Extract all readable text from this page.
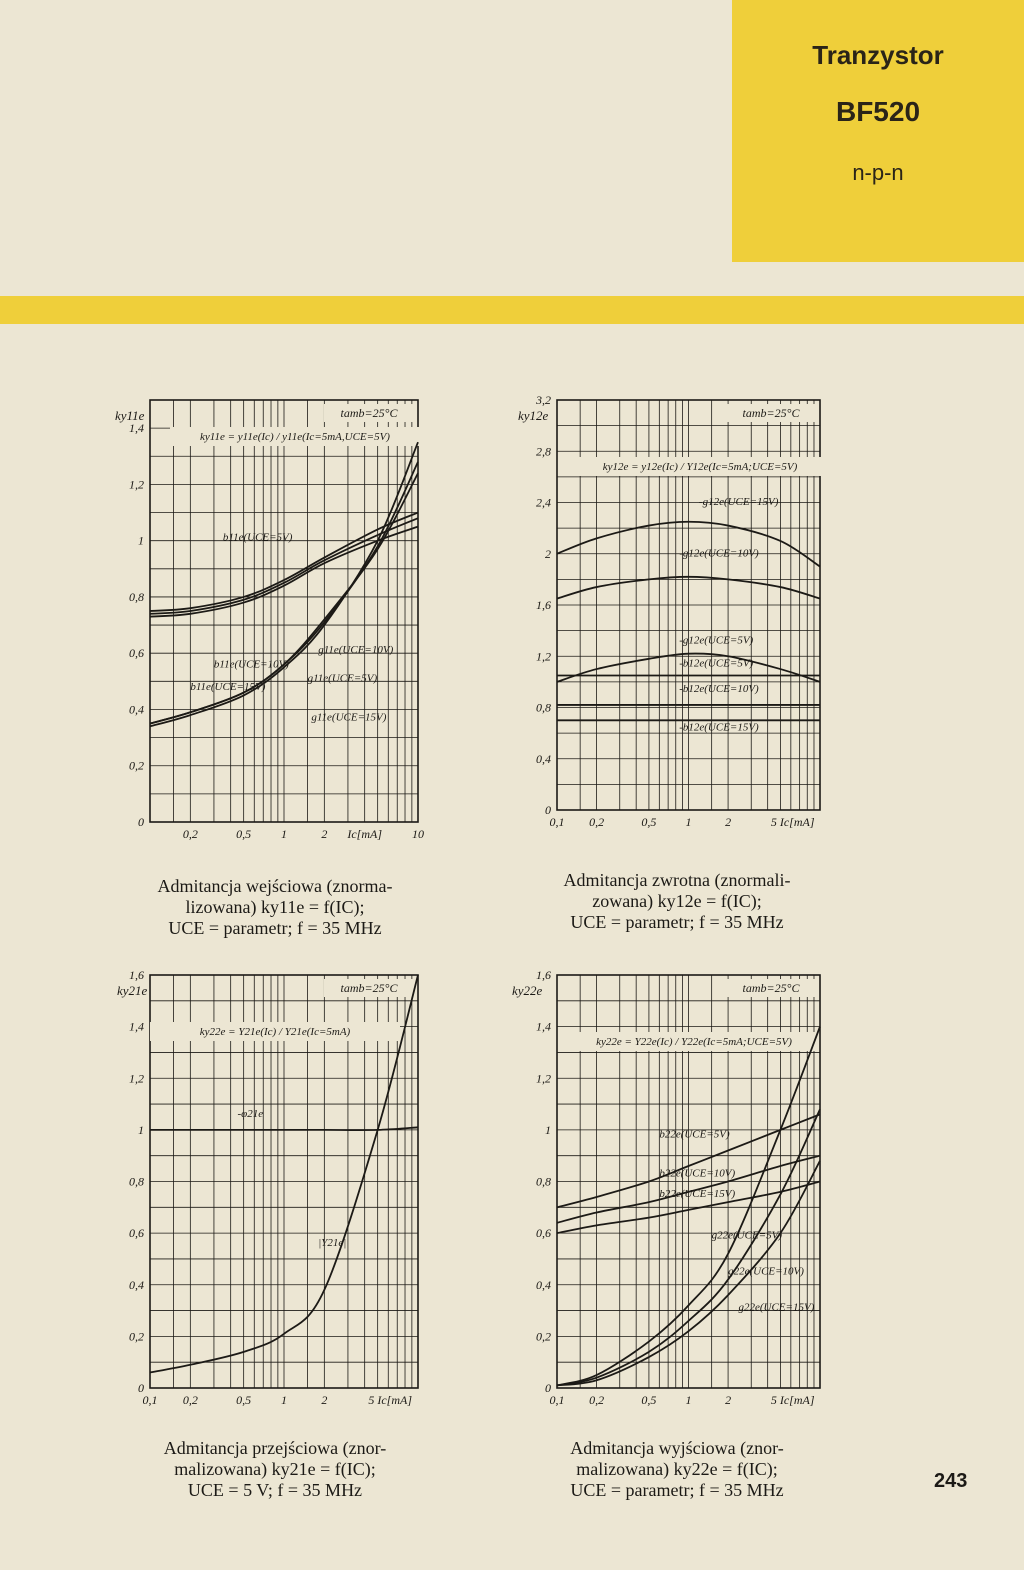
Tranzystor
BF520
n-p-n
0
0,2
0,4
0,6
0,8
1
1,2
1,4
0,2	0,5 1	2 Ic[mA] 10
ky11e	tamb=25°C
ky11e = y11e(Ic) / y11e(Ic=5mA,UCE=5V)
b11e(UCE=5V)
b11e(UCE=10V)
b11e(UCE=15V)
g11e(UCE=5V)
g11e(UCE=10V)
g11e(UCE=15V)
0
0,4
0,8
1,2
1,6
2
2,4
2,8
3,2
0,1 0,2	0,5 1	2	5 Ic[mA]
ky12e	tamb=25°C
ky12e = y12e(Ic) / Y12e(Ic=5mA;UCE=5V)
-g12e(UCE=15V)
-g12e(UCE=10V)
-g12e(UCE=5V)
-b12e(UCE=5V)
-b12e(UCE=10V)
-b12e(UCE=15V)
0
0,2
0,4
0,6
0,8
1
1,2
1,4
1,6
0,1 0,2	0,5 1	2	5 Ic[mA]
ky21e	tamb=25°C
ky22e = Y21e(Ic) / Y21e(Ic=5mA)
-φ21e
|Y21e|
0
0,2
0,4
0,6
0,8
1
1,2
1,4
1,6
0,1 0,2	0,5 1	2	5 Ic[mA]
ky22e	tamb=25°C
ky22e = Y22e(Ic) / Y22e(Ic=5mA;UCE=5V)
b22e(UCE=5V)
b22e(UCE=10V)
b22e(UCE=15V)
g22e(UCE=5V)
g22e(UCE=10V)
g22e(UCE=15V)
Admitancja wejściowa (znorma-
lizowana) ky11e = f(IC);
UCE = parametr; f = 35 MHz
Admitancja zwrotna (znormali-
zowana) ky12e = f(IC);
UCE = parametr; f = 35 MHz
Admitancja przejściowa (znor-
malizowana) ky21e = f(IC);
UCE = 5 V; f = 35 MHz
Admitancja wyjściowa (znor-
malizowana) ky22e = f(IC);
UCE = parametr; f = 35 MHz	243
